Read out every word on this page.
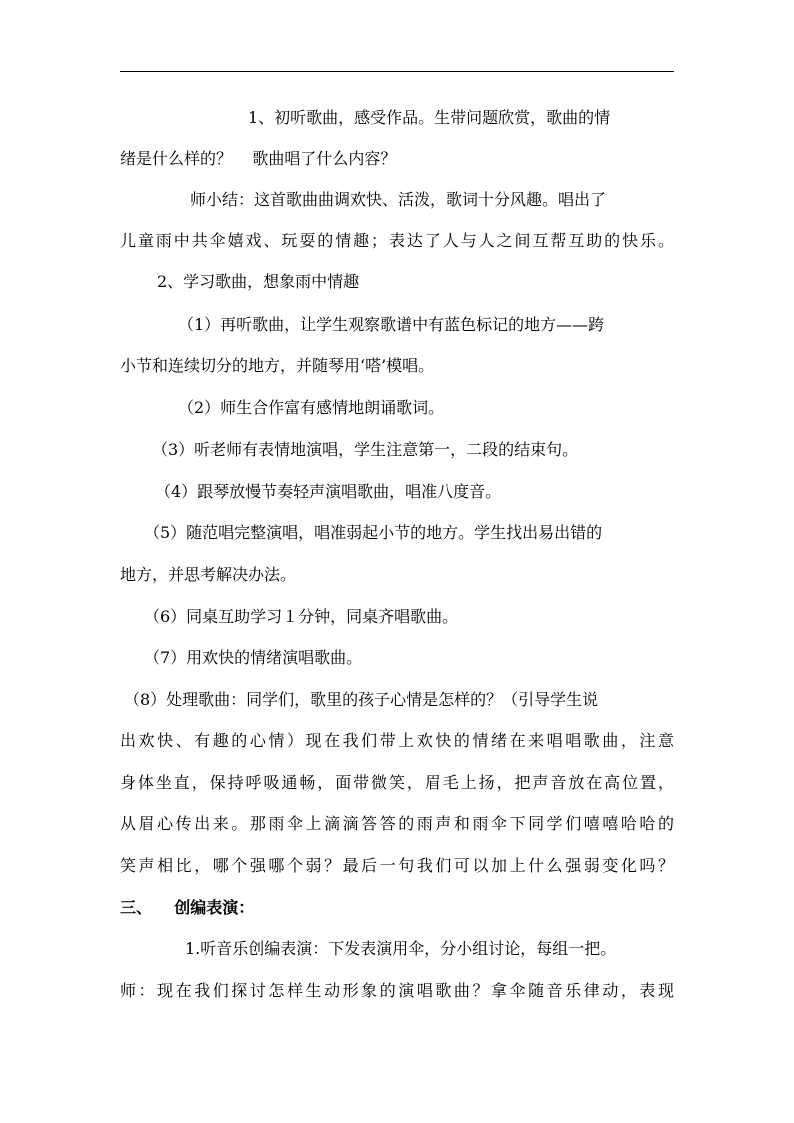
1、初听歌曲，感受作品。生带问题欣赏，歌曲的情
绪是什么样的？    歌曲唱了什么内容？
师小结：这首歌曲曲调欢快、活泼，歌词十分风趣。唱出了
儿童雨中共伞嬉戏、玩耍的情趣；表达了人与人之间互帮互助的快乐。
2、学习歌曲，想象雨中情趣
（1）再听歌曲，让学生观察歌谱中有蓝色标记的地方——跨
小节和连续切分的地方，并随琴用‘嗒’模唱。
（2）师生合作富有感情地朗诵歌词。
（3）听老师有表情地演唱，学生注意第一，二段的结束句。
（4）跟琴放慢节奏轻声演唱歌曲，唱准八度音。
（5）随范唱完整演唱，唱准弱起小节的地方。学生找出易出错的
地方，并思考解决办法。
（6）同桌互助学习１分钟，同桌齐唱歌曲。
（7）用欢快的情绪演唱歌曲。
（8）处理歌曲：同学们，歌里的孩子心情是怎样的？（引导学生说
出欢快、有趣的心情）现在我们带上欢快的情绪在来唱唱歌曲，注意
身体坐直，保持呼吸通畅，面带微笑，眉毛上扬，把声音放在高位置，
从眉心传出来。那雨伞上滴滴答答的雨声和雨伞下同学们嘻嘻哈哈的
笑声相比，哪个强哪个弱？最后一句我们可以加上什么强弱变化吗？
三、    创编表演：
1.听音乐创编表演：下发表演用伞，分小组讨论，每组一把。
师：现在我们探讨怎样生动形象的演唱歌曲？拿伞随音乐律动，表现
